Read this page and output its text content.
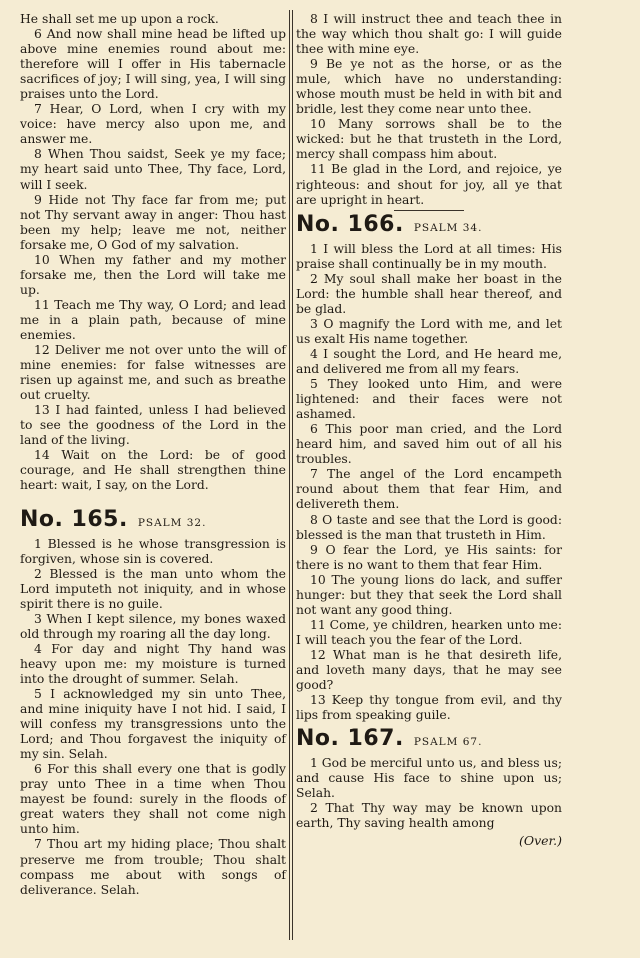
He shall set me up upon a rock.

6 And now shall mine head be lifted up above mine enemies round about me: therefore will I offer in His tabernacle sacrifices of joy; I will sing, yea, I will sing praises unto the Lord.

7 Hear, O Lord, when I cry with my voice: have mercy also upon me, and answer me.

8 When Thou saidst, Seek ye my face; my heart said unto Thee, Thy face, Lord, will I seek.

9 Hide not Thy face far from me; put not Thy servant away in anger: Thou hast been my help; leave me not, neither forsake me, O God of my salvation.

10 When my father and my mother forsake me, then the Lord will take me up.

11 Teach me Thy way, O Lord; and lead me in a plain path, because of mine enemies.

12 Deliver me not over unto the will of mine enemies: for false witnesses are risen up against me, and such as breathe out cruelty.

13 I had fainted, unless I had believed to see the goodness of the Lord in the land of the living.

14 Wait on the Lord: be of good courage, and He shall strengthen thine heart: wait, I say, on the Lord.

No. 165. PSALM 32.

1 Blessed is he whose transgression is forgiven, whose sin is covered.

2 Blessed is the man unto whom the Lord imputeth not iniquity, and in whose spirit there is no guile.

3 When I kept silence, my bones waxed old through my roaring all the day long.

4 For day and night Thy hand was heavy upon me: my moisture is turned into the drought of summer. Selah.

5 I acknowledged my sin unto Thee, and mine iniquity have I not hid. I said, I will confess my transgressions unto the Lord; and Thou forgavest the iniquity of my sin. Selah.

6 For this shall every one that is godly pray unto Thee in a time when Thou mayest be found: surely in the floods of great waters they shall not come nigh unto him.

7 Thou art my hiding place; Thou shalt preserve me from trouble; Thou shalt compass me about with songs of deliverance. Selah.

8 I will instruct thee and teach thee in the way which thou shalt go: I will guide thee with mine eye.

9 Be ye not as the horse, or as the mule, which have no understanding: whose mouth must be held in with bit and bridle, lest they come near unto thee.

10 Many sorrows shall be to the wicked: but he that trusteth in the Lord, mercy shall compass him about.

11 Be glad in the Lord, and rejoice, ye righteous: and shout for joy, all ye that are upright in heart.

No. 166. PSALM 34.

1 I will bless the Lord at all times: His praise shall continually be in my mouth.

2 My soul shall make her boast in the Lord: the humble shall hear thereof, and be glad.

3 O magnify the Lord with me, and let us exalt His name together.

4 I sought the Lord, and He heard me, and delivered me from all my fears.

5 They looked unto Him, and were lightened: and their faces were not ashamed.

6 This poor man cried, and the Lord heard him, and saved him out of all his troubles.

7 The angel of the Lord encampeth round about them that fear Him, and delivereth them.

8 O taste and see that the Lord is good: blessed is the man that trusteth in Him.

9 O fear the Lord, ye His saints: for there is no want to them that fear Him.

10 The young lions do lack, and suffer hunger: but they that seek the Lord shall not want any good thing.

11 Come, ye children, hearken unto me: I will teach you the fear of the Lord.

12 What man is he that desireth life, and loveth many days, that he may see good?

13 Keep thy tongue from evil, and thy lips from speaking guile.

No. 167. PSALM 67.

1 God be merciful unto us, and bless us; and cause His face to shine upon us; Selah.

2 That Thy way may be known upon earth, Thy saving health among

(Over.)
